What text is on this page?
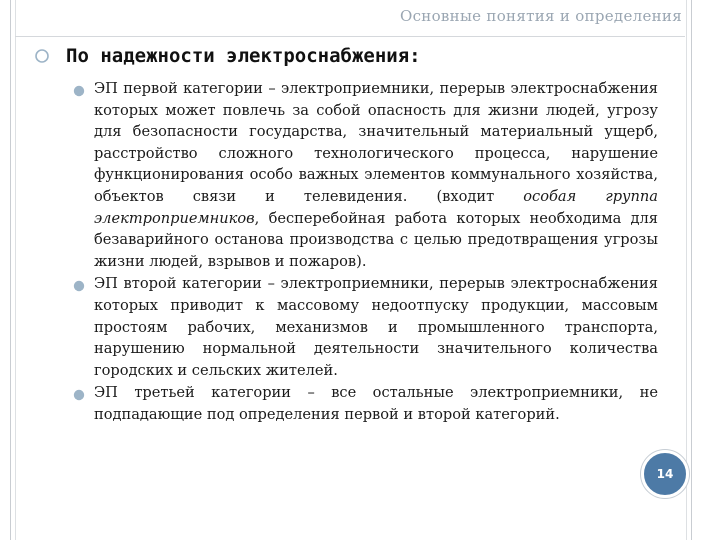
Основные понятия и определения
По надежности электроснабжения:
ЭП первой категории – электроприемники, перерыв электроснабжения которых может повлечь за собой опасность для жизни людей, угрозу для безопасности государства, значительный материальный ущерб, расстройство сложного технологического процесса, нарушение функционирования особо важных элементов коммунального хозяйства, объектов связи и телевидения. (входит особая группа электроприемников, бесперебойная работа которых необходима для безаварийного останова производства с целью предотвращения угрозы жизни людей, взрывов и пожаров).
ЭП второй категории – электроприемники, перерыв электроснабжения которых приводит к массовому недоотпуску продукции, массовым простоям рабочих, механизмов и промышленного транспорта, нарушению нормальной деятельности значительного количества городских и сельских жителей.
ЭП третьей категории – все остальные электроприемники, не подпадающие под определения первой и второй категорий.
14
